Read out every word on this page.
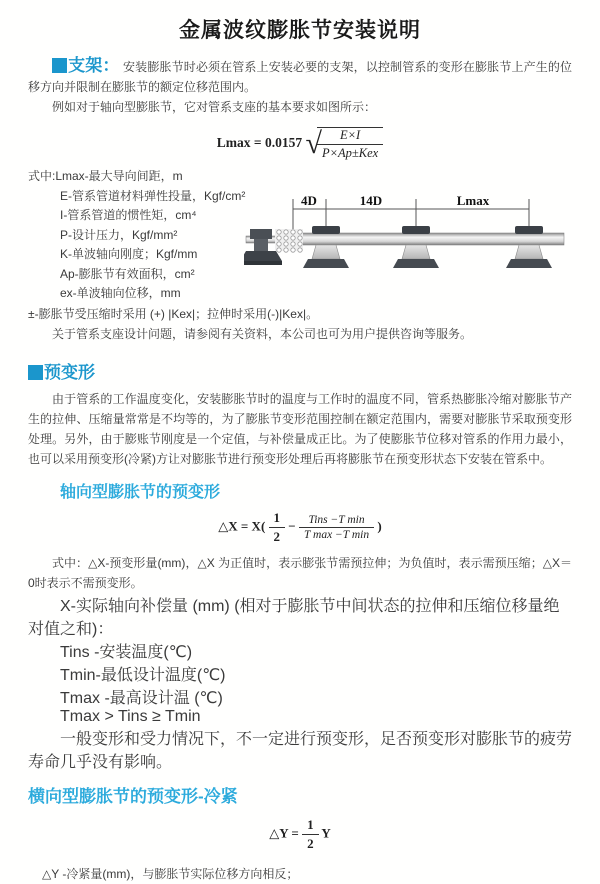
金属波纹膨胀节安装说明

支架： 安装膨胀节时必须在管系上安装必要的支架，以控制管系的变形在膨胀节上产生的位移方向并限制在膨胀节的额定位移范围内。

例如对于轴向型膨胀节，它对管系支座的基本要求如图所示：

Lmax = 0.0157 √
$\frac{E\times I}{\text{P×Ap±Kex}}$
式中:Lmax-最大导向间距，m
E-管系管道材料弹性投量，Kgf/cm²
I-管系管道的惯性矩，cm⁴
P-设计压力，Kgf/mm²
K-单波轴向刚度；Kgf/mm
Ap-膨胀节有效面积，cm²
ex-单波轴向位移，mm
4D	14D	Lmax

±-膨胀节受压缩时采用 (+) |Kex|；拉伸时采用(-)|Kex|。

关于管系支座设计问题，请参阅有关资料，本公司也可为用户提供咨询等服务。

预变形

由于管系的工作温度变化，安装膨胀节时的温度与工作时的温度不同，管系热膨胀冷缩对膨胀节产生的拉伸、压缩量常常是不均等的，为了膨胀节变形范围控制在额定范围内，需要对膨胀节采取预变形处理。另外，由于膨账节刚度是一个定值，与补偿量成正比。为了使膨胀节位移对管系的作用力最小，也可以采用预变形(冷紧)方让对膨胀节进行预变形处理后再将膨胀节在预变形状态下安装在管系中。

轴向型膨胀节的预变形
△X = $X( \frac{1}{2} - \frac{\text{Tins −T min}}{\text{T max −T min}}$ )

式中：△X-预变形量(mm)，△X 为正值时，表示膨张节需预拉伸；为负值时，表示需预压缩；△X＝0时表示不需预变形。

X-实际轴向补偿量 (mm) (相对于膨胀节中间状态的拉伸和压缩位移量绝对值之和)：
Tins -安装温度(℃)
Tmin-最低设计温度(℃)
Tmax -最高设计温 (℃)
Tmax > Tins ≥ Tmin
一般变形和受力情况下，不一定进行预变形，足否预变形对膨胀节的疲劳寿命几乎没有影响。
横向型膨胀节的预变形-冷紧
△Y = $\frac{1}{2}$ Y

△Y -冷紧量(mm)，与膨胀节实际位移方向相反；
